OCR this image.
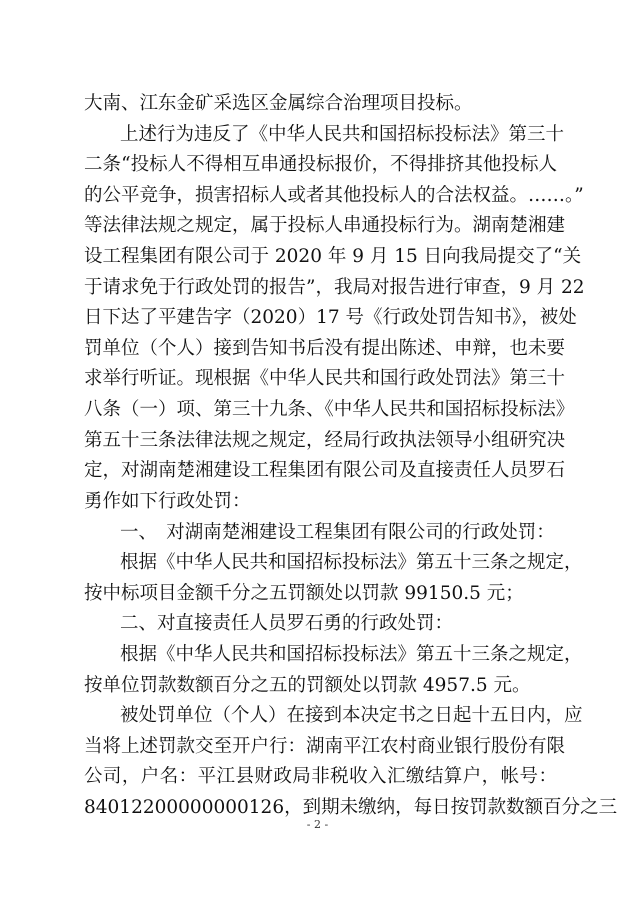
大南、江东金矿采选区金属综合治理项目投标。
上述行为违反了《中华人民共和国招标投标法》第三十
二条“投标人不得相互串通投标报价，不得排挤其他投标人
的公平竞争，损害招标人或者其他投标人的合法权益。……。”
等法律法规之规定，属于投标人串通投标行为。湖南楚湘建
设工程集团有限公司于 2020 年 9 月 15 日向我局提交了“关
于请求免于行政处罚的报告”，我局对报告进行审查，9 月 22
日下达了平建告字（2020）17 号《行政处罚告知书》，被处
罚单位（个人）接到告知书后没有提出陈述、申辩，也未要
求举行听证。现根据《中华人民共和国行政处罚法》第三十
八条（一）项、第三十九条、《中华人民共和国招标投标法》
第五十三条法律法规之规定，经局行政执法领导小组研究决
定，对湖南楚湘建设工程集团有限公司及直接责任人员罗石
勇作如下行政处罚：
一、　对湖南楚湘建设工程集团有限公司的行政处罚：
根据《中华人民共和国招标投标法》第五十三条之规定，
按中标项目金额千分之五罚额处以罚款 99150.5 元；
二、对直接责任人员罗石勇的行政处罚：
根据《中华人民共和国招标投标法》第五十三条之规定，
按单位罚款数额百分之五的罚额处以罚款 4957.5 元。
被处罚单位（个人）在接到本决定书之日起十五日内，应
当将上述罚款交至开户行：湖南平江农村商业银行股份有限
公司，户名：平江县财政局非税收入汇缴结算户，帐号：
84012200000000126，到期未缴纳，每日按罚款数额百分之三
- 2 -
